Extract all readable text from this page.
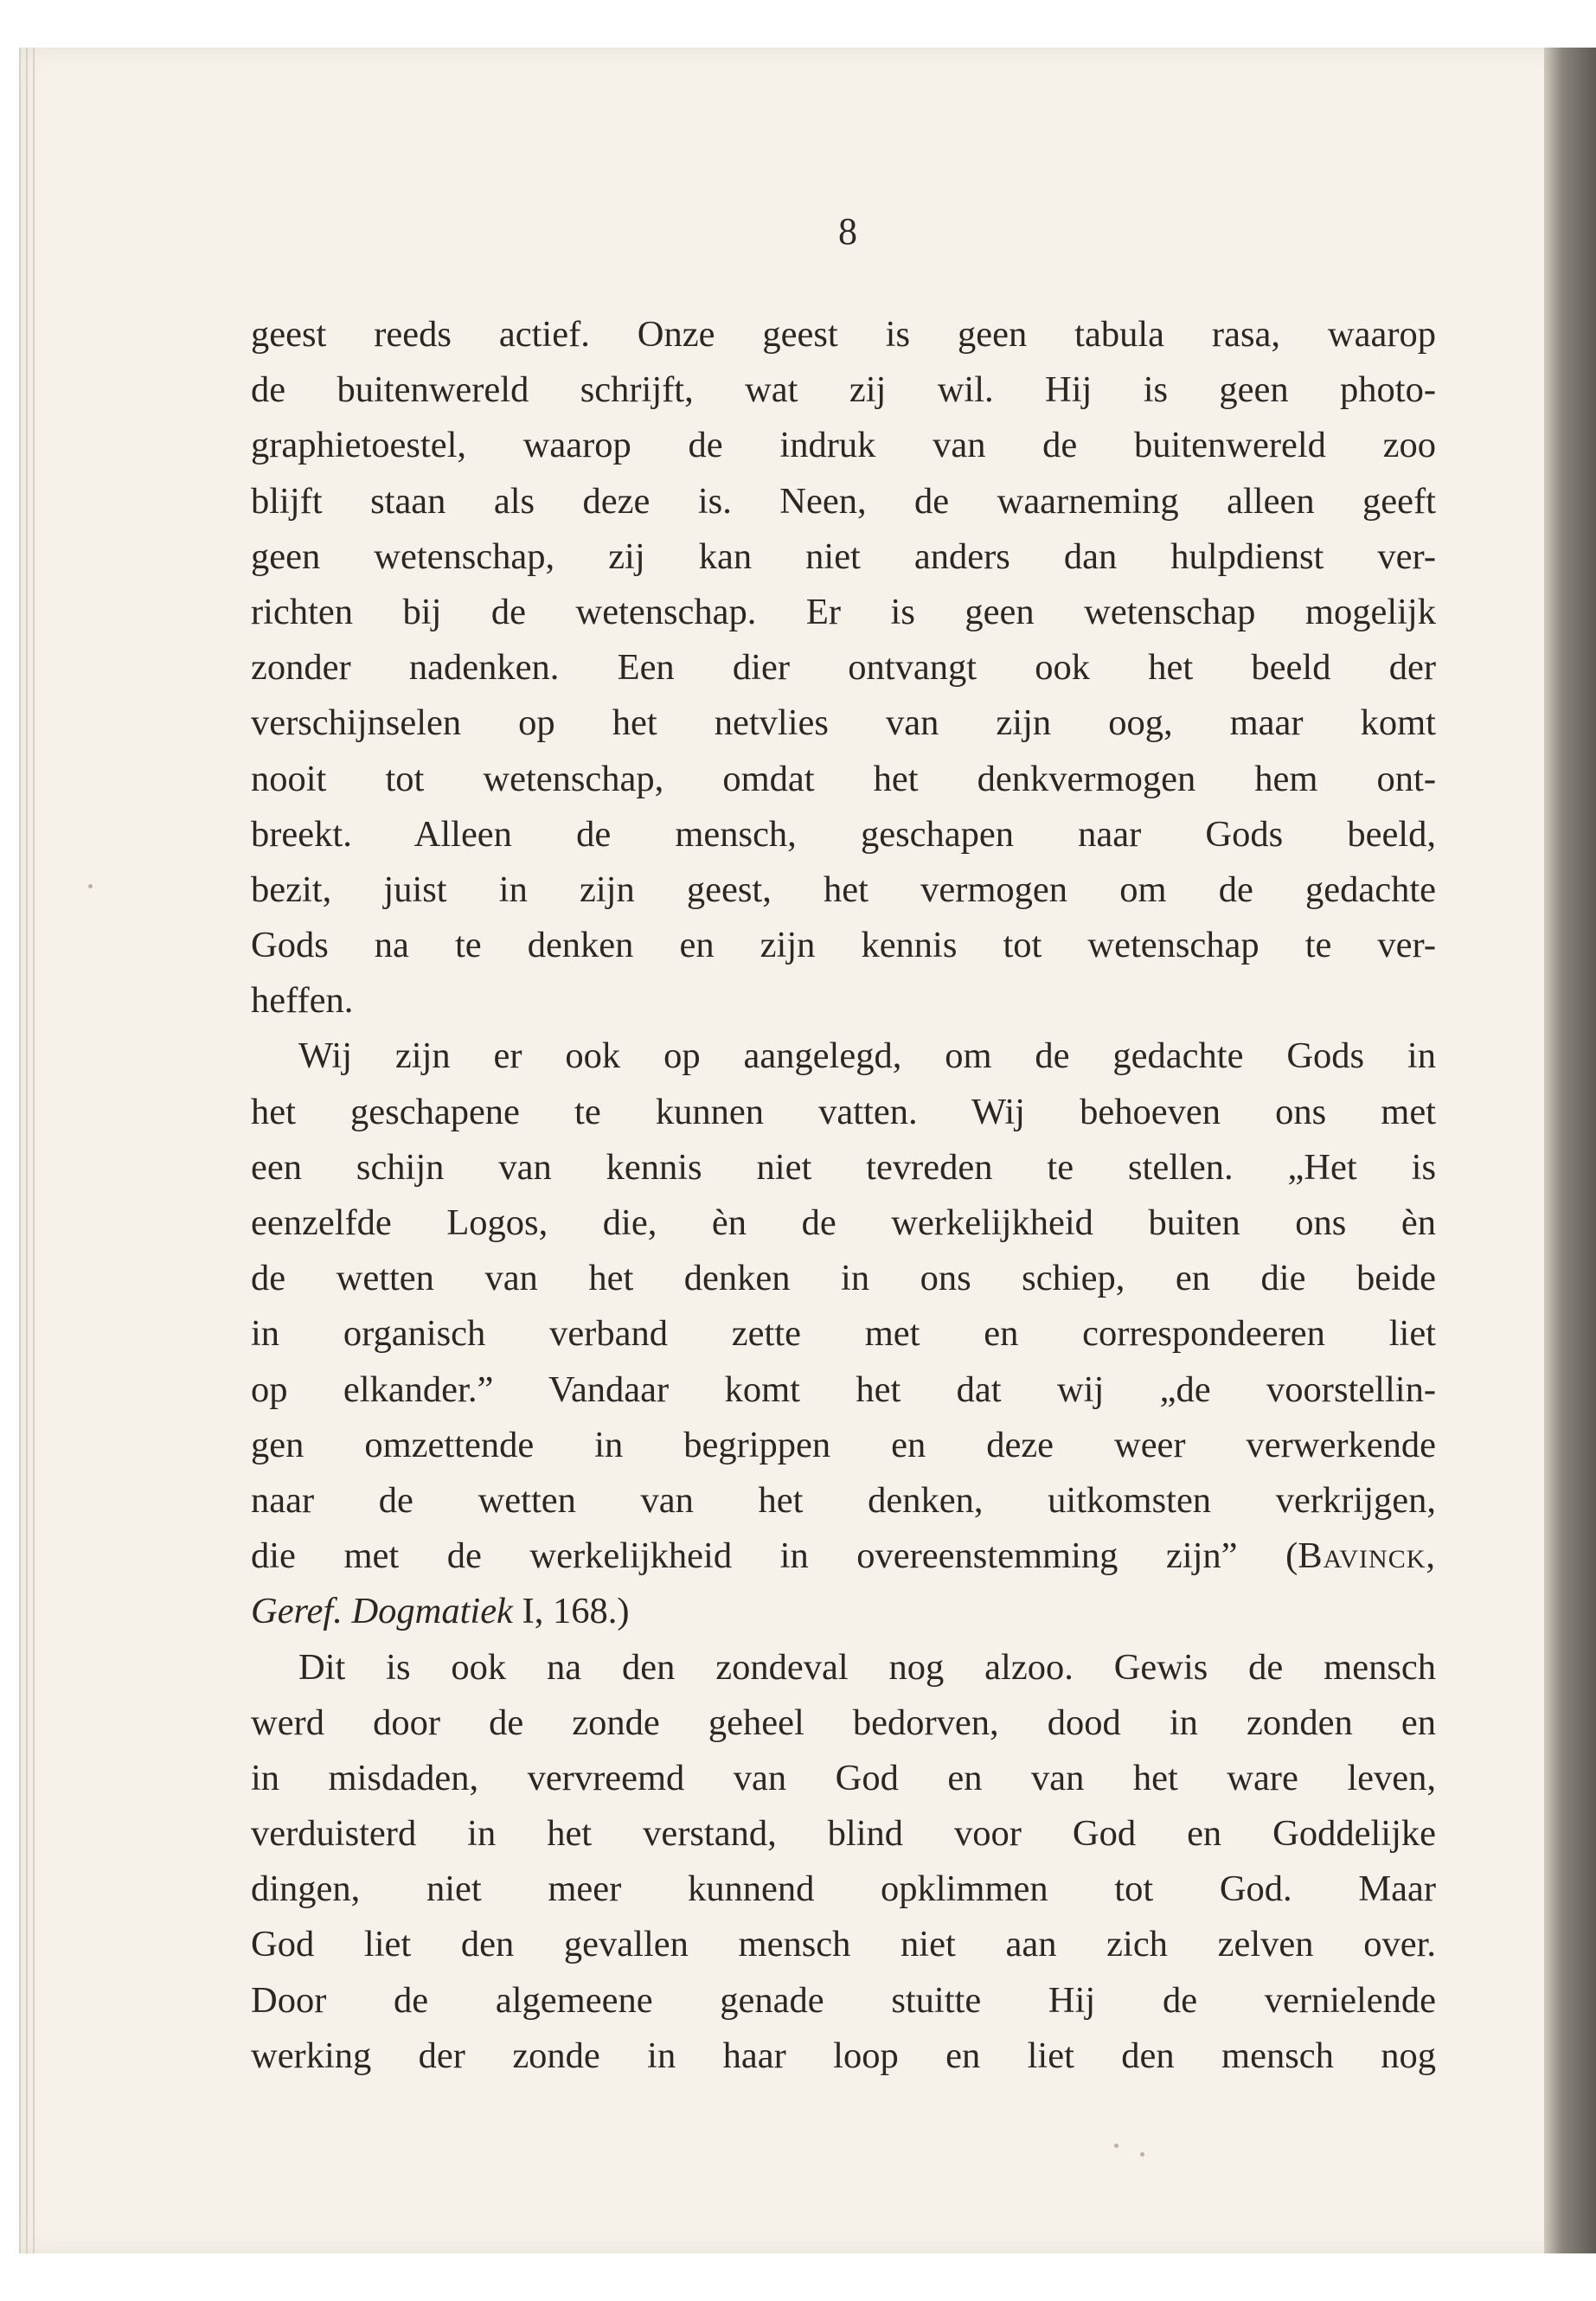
8
geest reeds actief. Onze geest is geen tabula rasa, waarop
de buitenwereld schrijft, wat zij wil. Hij is geen photo-
graphietoestel, waarop de indruk van de buitenwereld zoo
blijft staan als deze is. Neen, de waarneming alleen geeft
geen wetenschap, zij kan niet anders dan hulpdienst ver-
richten bij de wetenschap. Er is geen wetenschap mogelijk
zonder nadenken. Een dier ontvangt ook het beeld der
verschijnselen op het netvlies van zijn oog, maar komt
nooit tot wetenschap, omdat het denkvermogen hem ont-
breekt. Alleen de mensch, geschapen naar Gods beeld,
bezit, juist in zijn geest, het vermogen om de gedachte
Gods na te denken en zijn kennis tot wetenschap te ver-
heffen.
Wij zijn er ook op aangelegd, om de gedachte Gods in
het geschapene te kunnen vatten. Wij behoeven ons met
een schijn van kennis niet tevreden te stellen. „Het is
eenzelfde Logos, die, èn de werkelijkheid buiten ons èn
de wetten van het denken in ons schiep, en die beide
in organisch verband zette met en correspondeeren liet
op elkander.” Vandaar komt het dat wij „de voorstellin-
gen omzettende in begrippen en deze weer verwerkende
naar de wetten van het denken, uitkomsten verkrijgen,
die met de werkelijkheid in overeenstemming zijn” (Bavinck,
Geref. Dogmatiek I, 168.)
Dit is ook na den zondeval nog alzoo. Gewis de mensch
werd door de zonde geheel bedorven, dood in zonden en
in misdaden, vervreemd van God en van het ware leven,
verduisterd in het verstand, blind voor God en Goddelijke
dingen, niet meer kunnend opklimmen tot God. Maar
God liet den gevallen mensch niet aan zich zelven over.
Door de algemeene genade stuitte Hij de vernielende
werking der zonde in haar loop en liet den mensch nog
